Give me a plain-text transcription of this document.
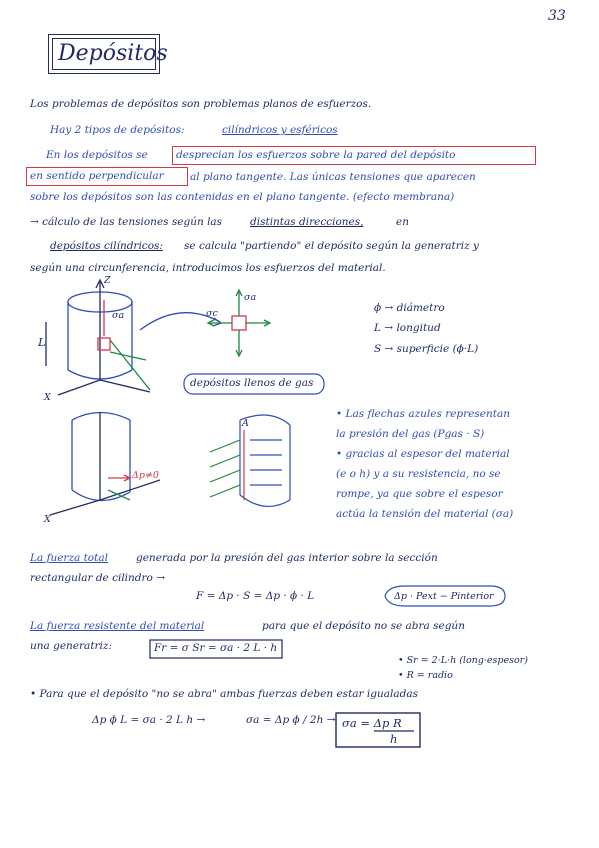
33
Depósitos
Los problemas de depósitos son problemas planos de esfuerzos.
Hay 2 tipos de depósitos:	cilíndricos y esféricos
En los depósitos se	desprecian los esfuerzos sobre la pared del depósito
en sentido perpendicular	al plano tangente. Las únicas tensiones que aparecen
sobre los depósitos son las contenidas en el plano tangente. (efecto membrana)
→ cálculo de las tensiones según las	distintas direcciones,	en
depósitos cilíndricos: se calcula "partiendo" el depósito según la generatriz y
según una circunferencia, introducimos los esfuerzos del material.
Z
X
L
σa
σa
σc
depósitos llenos de gas
Δp≠0
X
A
ϕ → diámetro
L → longitud
S → superficie (ϕ·L)
• Las flechas azules representan
la presión del gas (Pgas · S)
• gracias al espesor del material
(e o h) y a su resistencia, no se
rompe, ya que sobre el espesor
actúa la tensión del material (σa)
La fuerza total	generada por la presión del gas interior sobre la sección
rectangular de cilindro →
F = Δp · S = Δp · ϕ · L	Δp · Pext − Pinterior
La fuerza resistente del material	para que el depósito no se abra según
una generatriz:	Fr = σ Sr = σa · 2 L · h
• Sr = 2·L·h (long·espesor)
• R = radio
• Para que el depósito "no se abra" ambas fuerzas deben estar igualadas
Δp ϕ L = σa · 2 L h →	σa = Δp ϕ / 2h → σa = Δp R
h
